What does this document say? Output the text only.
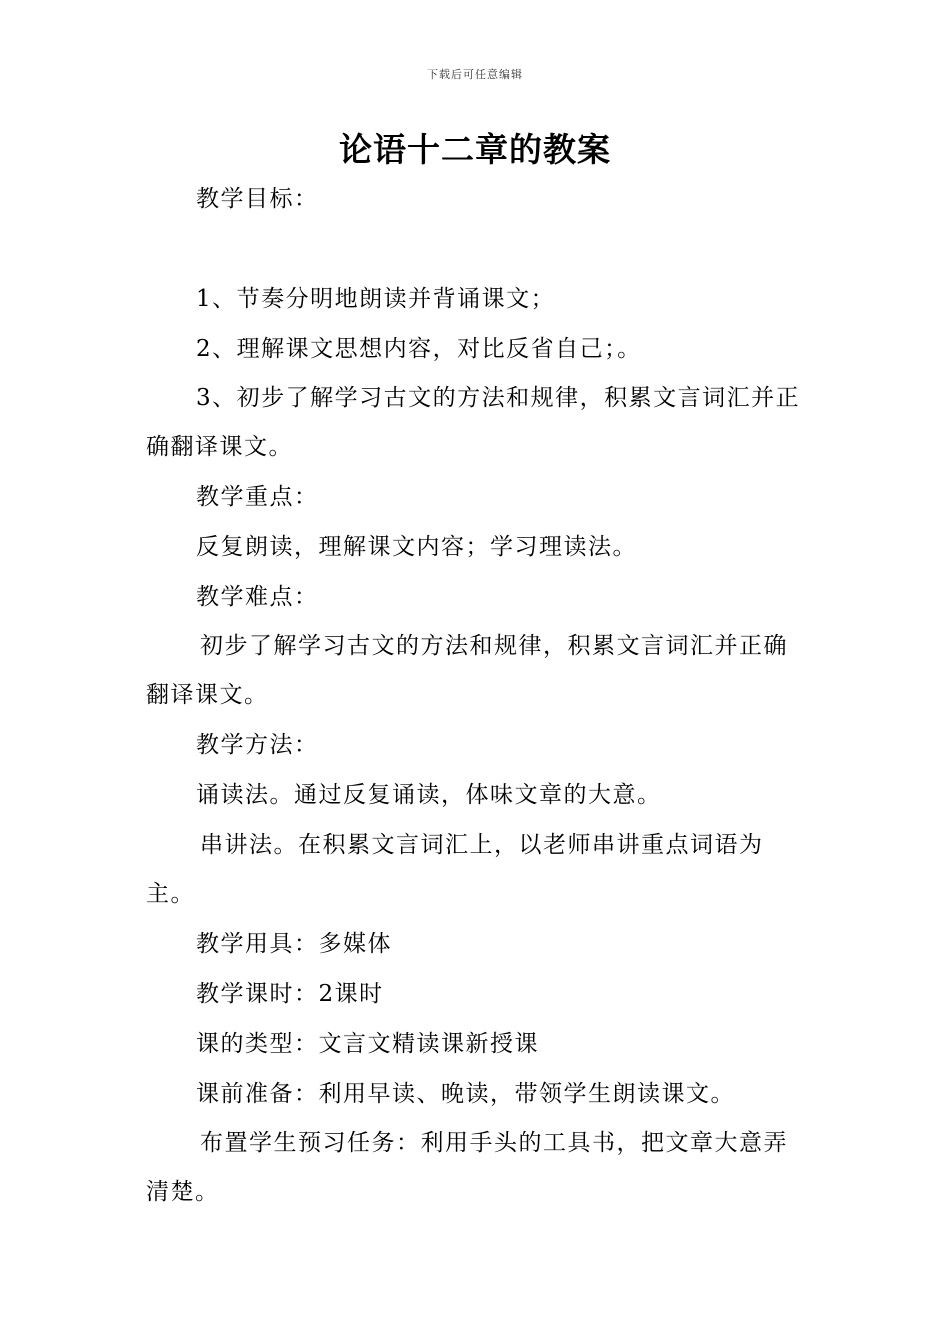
下载后可任意编辑
论语十二章的教案
教学目标：
1、节奏分明地朗读并背诵课文；
2、理解课文思想内容，对比反省自己；。
3、初步了解学习古文的方法和规律，积累文言词汇并正确翻译课文。
教学重点：
反复朗读，理解课文内容；学习理读法。
教学难点：
初步了解学习古文的方法和规律，积累文言词汇并正确翻译课文。
教学方法：
诵读法。通过反复诵读，体味文章的大意。
串讲法。在积累文言词汇上，以老师串讲重点词语为主。
教学用具：多媒体
教学课时：2课时
课的类型：文言文精读课新授课
课前准备：利用早读、晚读，带领学生朗读课文。
布置学生预习任务：利用手头的工具书，把文章大意弄清楚。
